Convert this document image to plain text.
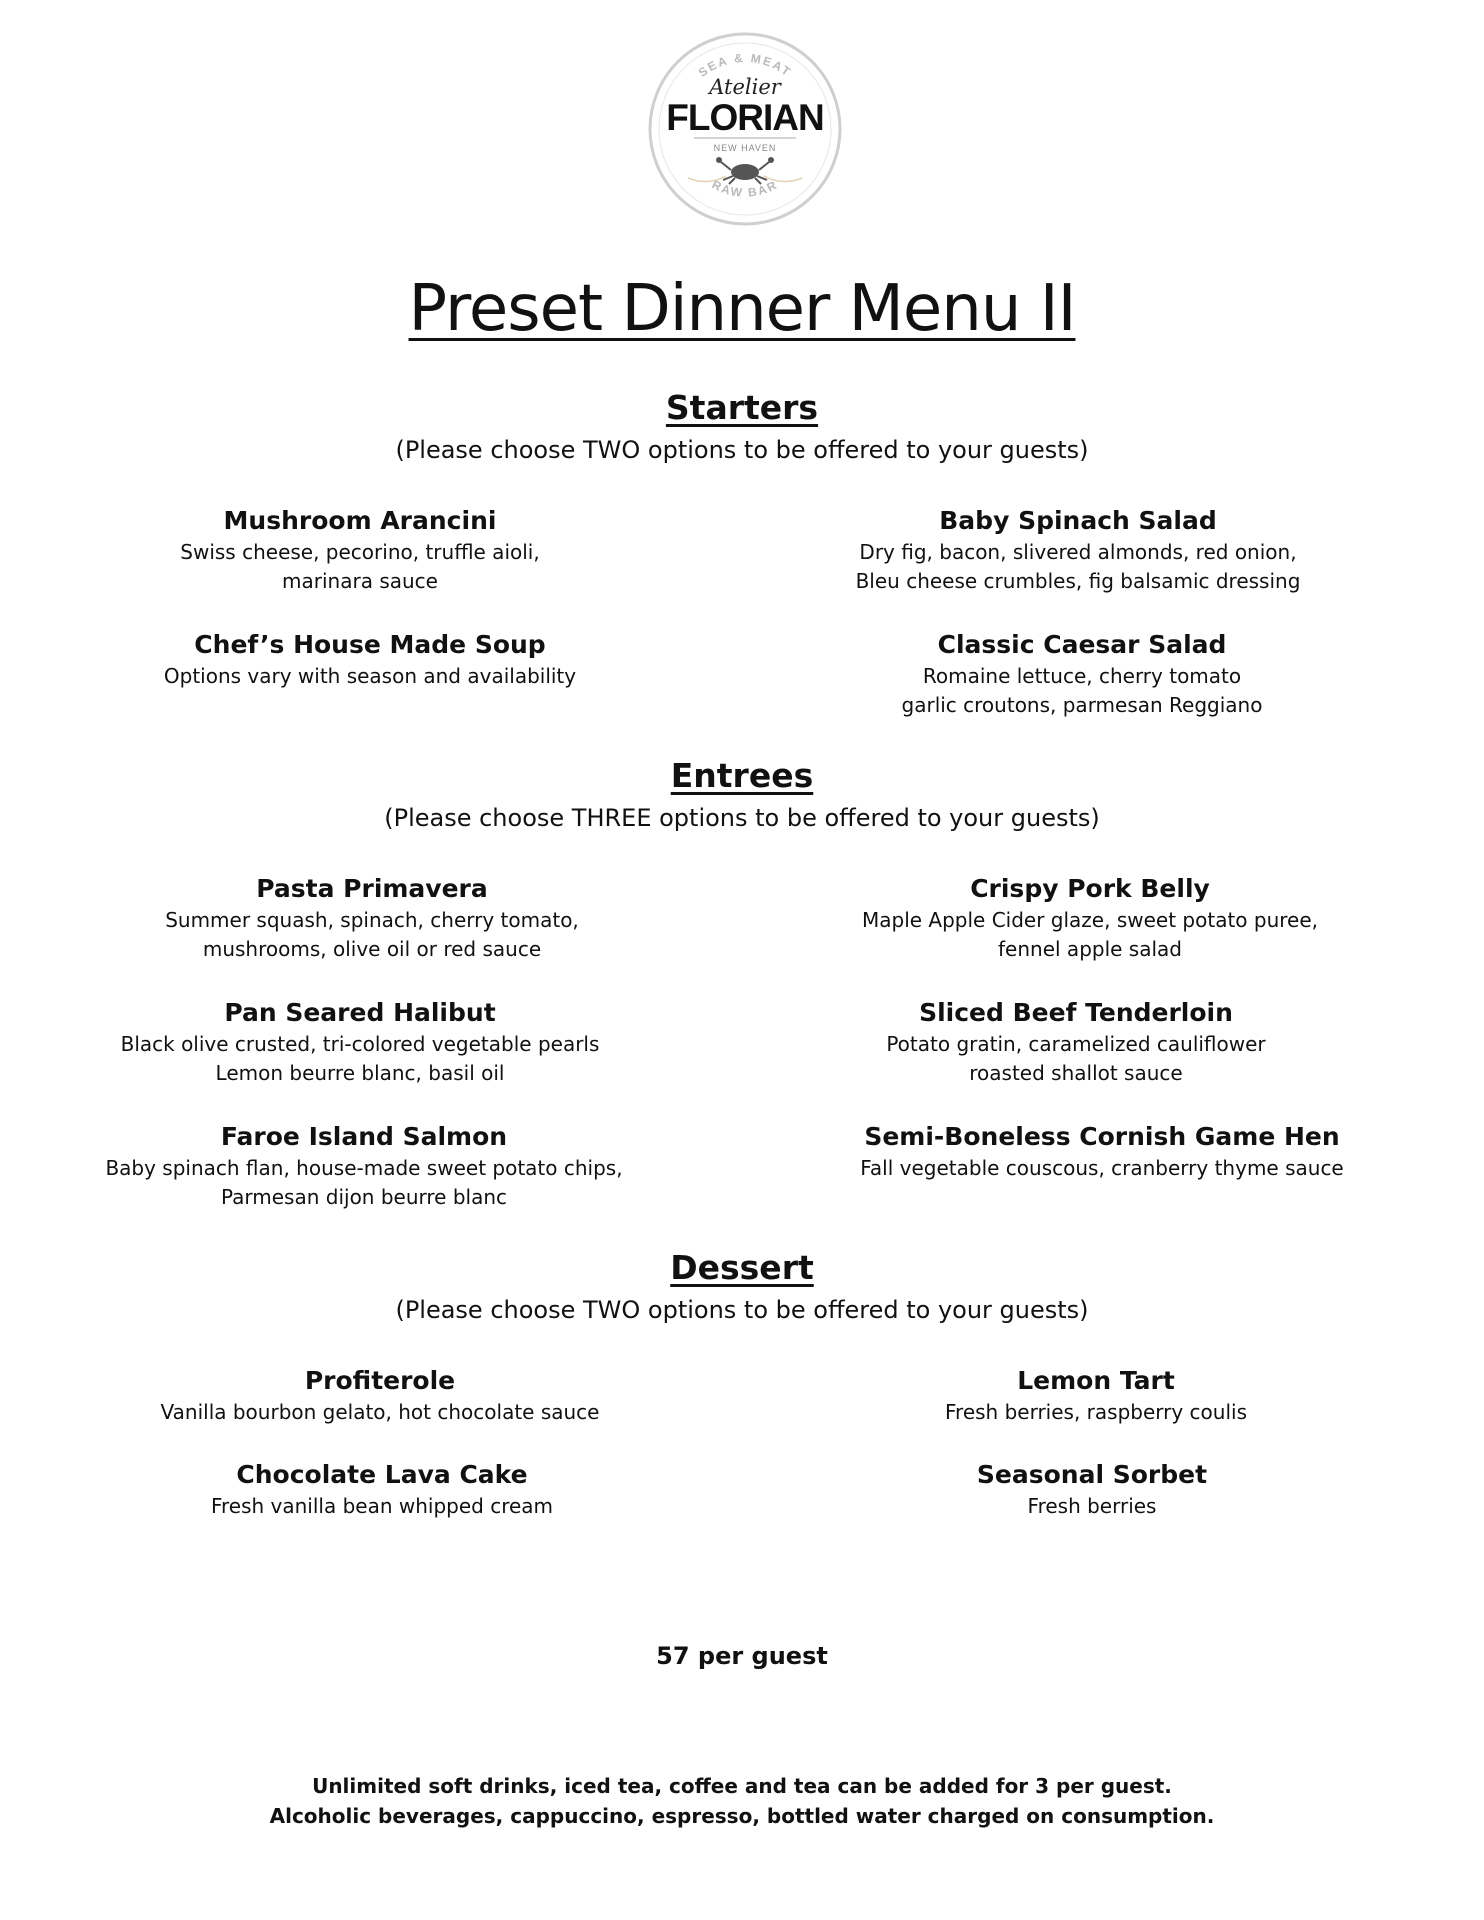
SEA & MEAT
Atelier
FLORIAN
NEW HAVEN
RAW BAR
Preset Dinner Menu II
Starters
(Please choose TWO options to be offered to your guests)
Mushroom Arancini
Swiss cheese, pecorino, truffle aioli,
marinara sauce
Baby Spinach Salad
Dry fig, bacon, slivered almonds, red onion,
Bleu cheese crumbles, fig balsamic dressing
Chef’s House Made Soup
Options vary with season and availability
Classic Caesar Salad
Romaine lettuce, cherry tomato
garlic croutons, parmesan Reggiano
Entrees
(Please choose THREE options to be offered to your guests)
Pasta Primavera
Summer squash, spinach, cherry tomato,
mushrooms, olive oil or red sauce
Crispy Pork Belly
Maple Apple Cider glaze, sweet potato puree,
fennel apple salad
Pan Seared Halibut
Black olive crusted, tri-colored vegetable pearls
Lemon beurre blanc, basil oil
Sliced Beef Tenderloin
Potato gratin, caramelized cauliflower
roasted shallot sauce
Faroe Island Salmon
Baby spinach flan, house-made sweet potato chips,
Parmesan dijon beurre blanc
Semi-Boneless Cornish Game Hen
Fall vegetable couscous, cranberry thyme sauce
Dessert
(Please choose TWO options to be offered to your guests)
Profiterole
Vanilla bourbon gelato, hot chocolate sauce
Lemon Tart
Fresh berries, raspberry coulis
Chocolate Lava Cake
Fresh vanilla bean whipped cream
Seasonal Sorbet
Fresh berries
57 per guest
Unlimited soft drinks, iced tea, coffee and tea can be added for 3 per guest.
Alcoholic beverages, cappuccino, espresso, bottled water charged on consumption.
